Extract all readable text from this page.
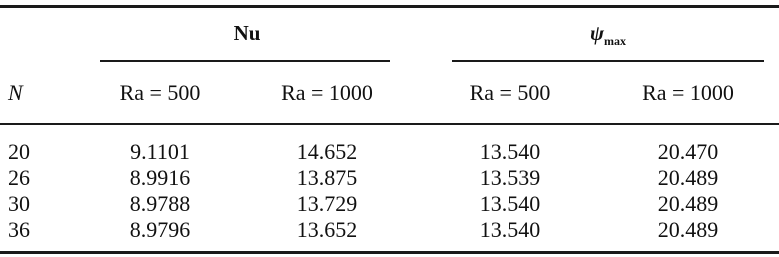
Nu	$\psi_{max}$
N	Ra = 500	Ra = 1000	Ra = 500	Ra = 1000
20	9.1101	14.652	13.540	20.470
26	8.9916	13.875	13.539	20.489
30	8.9788	13.729	13.540	20.489
36	8.9796	13.652	13.540	20.489
